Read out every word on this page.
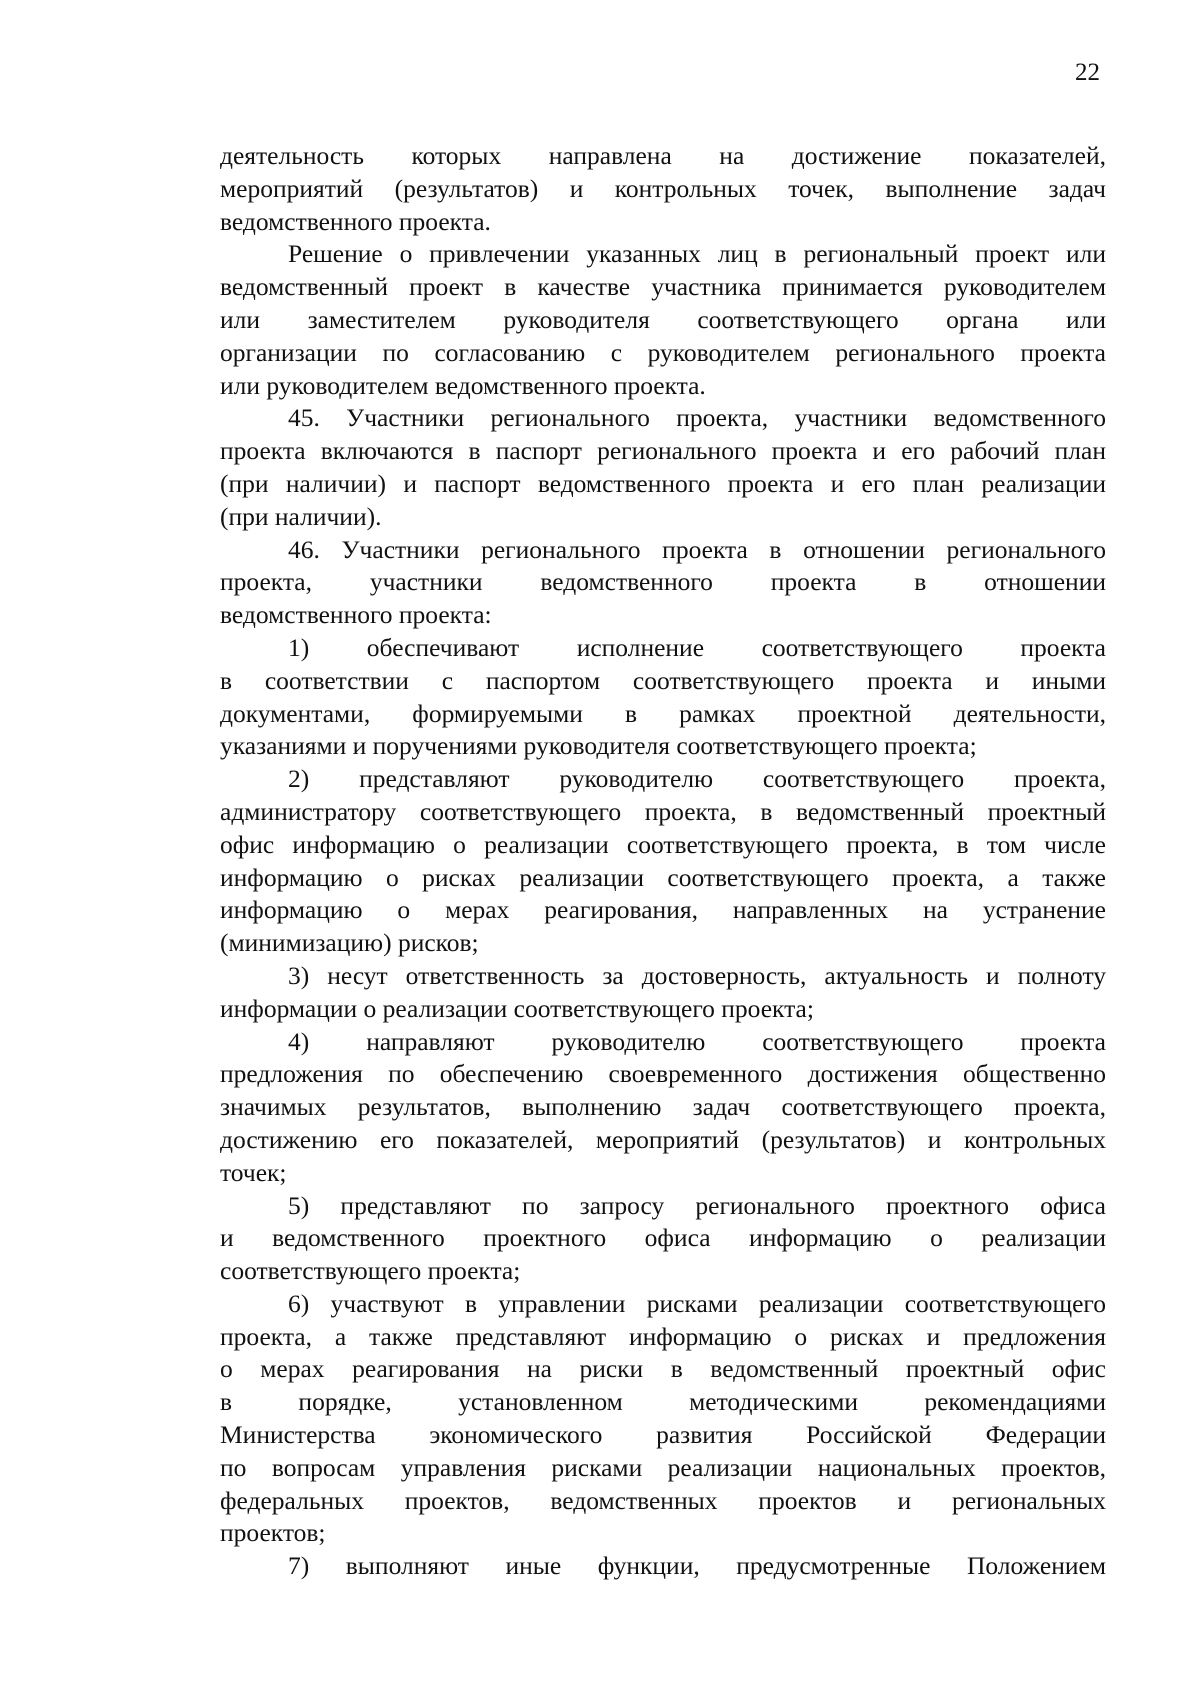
22
деятельность которых направлена на достижение показателей,
мероприятий (результатов) и контрольных точек, выполнение задач
ведомственного проекта.
Решение о привлечении указанных лиц в региональный проект или
ведомственный проект в качестве участника принимается руководителем
или заместителем руководителя соответствующего органа или
организации по согласованию с руководителем регионального проекта
или руководителем ведомственного проекта.
45. Участники регионального проекта, участники ведомственного
проекта включаются в паспорт регионального проекта и его рабочий план
(при наличии) и паспорт ведомственного проекта и его план реализации
(при наличии).
46. Участники регионального проекта в отношении регионального
проекта, участники ведомственного проекта в отношении
ведомственного проекта:
1) обеспечивают исполнение соответствующего проекта
в соответствии с паспортом соответствующего проекта и иными
документами, формируемыми в рамках проектной деятельности,
указаниями и поручениями руководителя соответствующего проекта;
2) представляют руководителю соответствующего проекта,
администратору соответствующего проекта, в ведомственный проектный
офис информацию о реализации соответствующего проекта, в том числе
информацию о рисках реализации соответствующего проекта, а также
информацию о мерах реагирования, направленных на устранение
(минимизацию) рисков;
3) несут ответственность за достоверность, актуальность и полноту
информации о реализации соответствующего проекта;
4) направляют руководителю соответствующего проекта
предложения по обеспечению своевременного достижения общественно
значимых результатов, выполнению задач соответствующего проекта,
достижению его показателей, мероприятий (результатов) и контрольных
точек;
5) представляют по запросу регионального проектного офиса
и ведомственного проектного офиса информацию о реализации
соответствующего проекта;
6) участвуют в управлении рисками реализации соответствующего
проекта, а также представляют информацию о рисках и предложения
о мерах реагирования на риски в ведомственный проектный офис
в порядке, установленном методическими рекомендациями
Министерства экономического развития Российской Федерации
по вопросам управления рисками реализации национальных проектов,
федеральных проектов, ведомственных проектов и региональных
проектов;
7) выполняют иные функции, предусмотренные Положением
